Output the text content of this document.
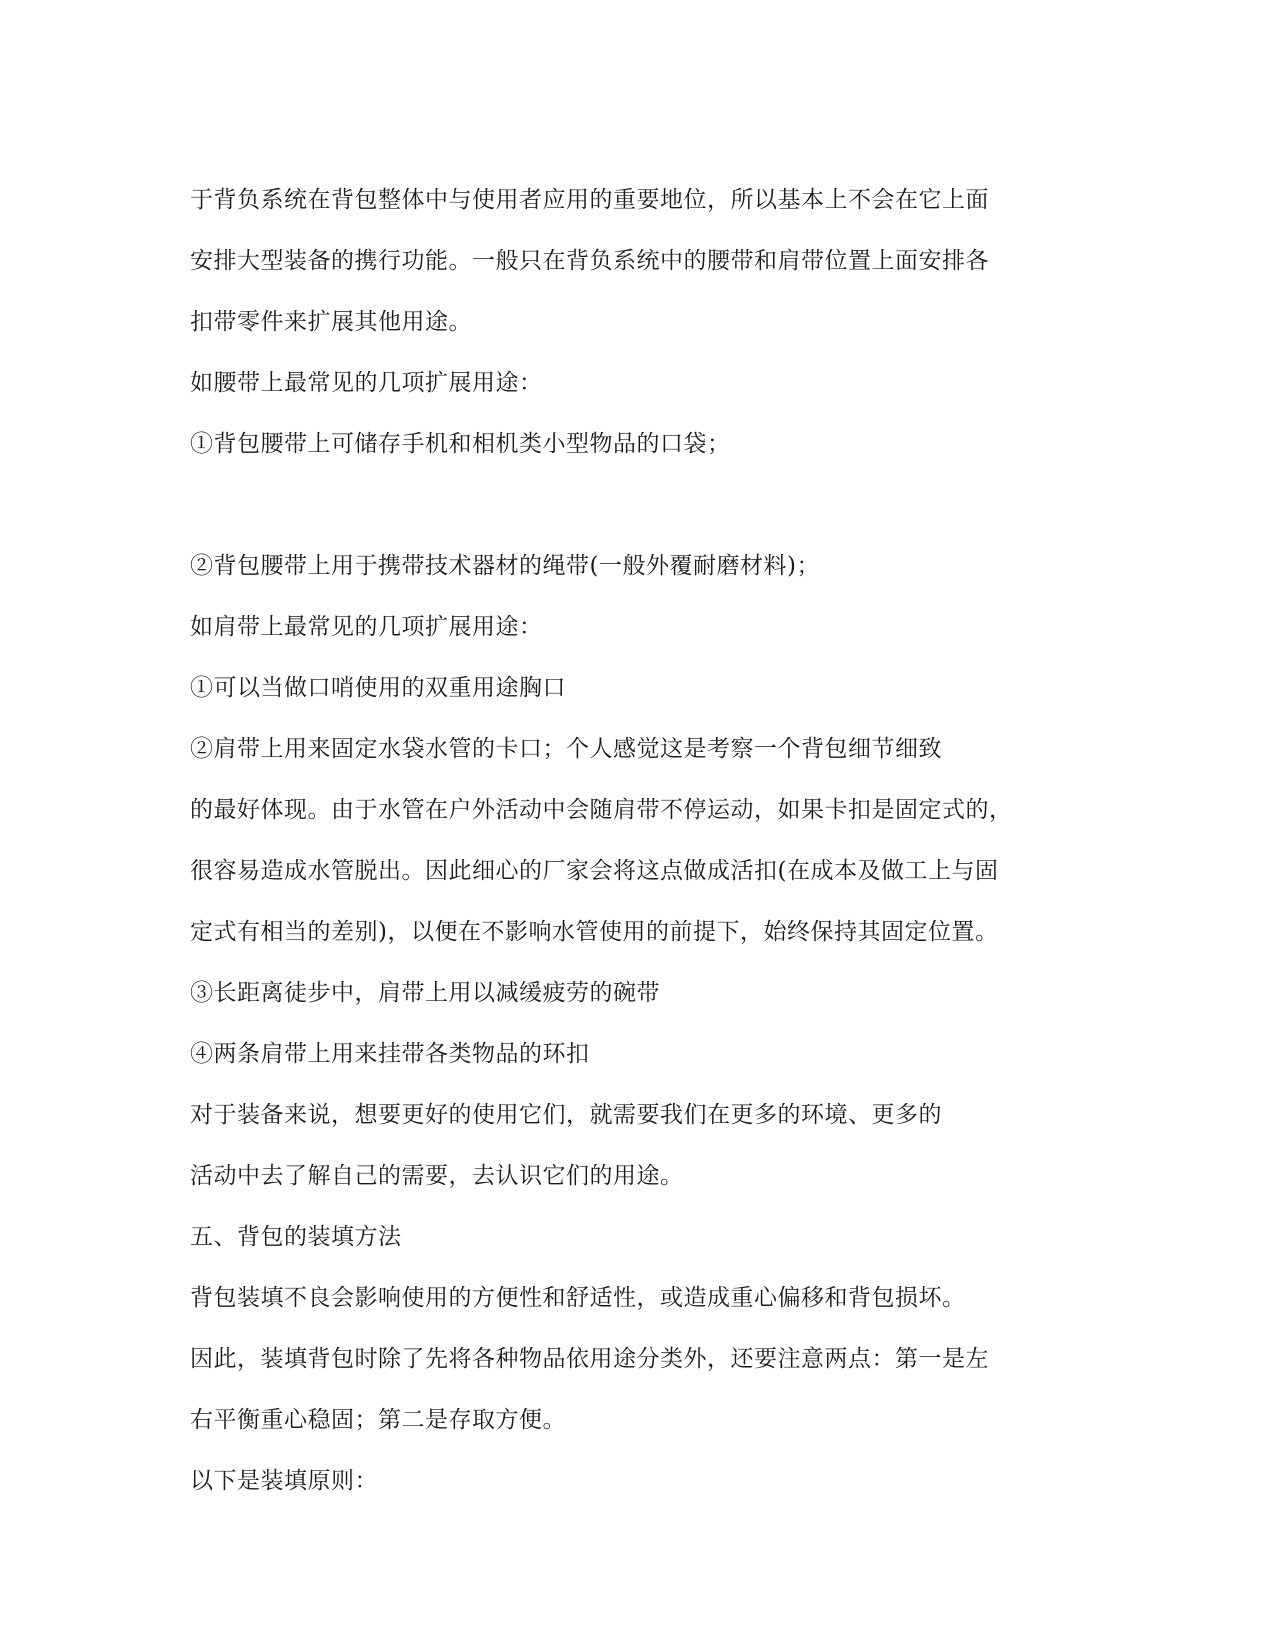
于背负系统在背包整体中与使用者应用的重要地位，所以基本上不会在它上面
安排大型装备的携行功能。一般只在背负系统中的腰带和肩带位置上面安排各
扣带零件来扩展其他用途。
如腰带上最常见的几项扩展用途：
①背包腰带上可储存手机和相机类小型物品的口袋；
②背包腰带上用于携带技术器材的绳带(一般外覆耐磨材料)；
如肩带上最常见的几项扩展用途：
①可以当做口哨使用的双重用途胸口
②肩带上用来固定水袋水管的卡口；个人感觉这是考察一个背包细节细致
的最好体现。由于水管在户外活动中会随肩带不停运动，如果卡扣是固定式的，
很容易造成水管脱出。因此细心的厂家会将这点做成活扣(在成本及做工上与固
定式有相当的差别)，以便在不影响水管使用的前提下，始终保持其固定位置。
③长距离徒步中，肩带上用以减缓疲劳的碗带
④两条肩带上用来挂带各类物品的环扣
对于装备来说，想要更好的使用它们，就需要我们在更多的环境、更多的
活动中去了解自己的需要，去认识它们的用途。
五、背包的装填方法
背包装填不良会影响使用的方便性和舒适性，或造成重心偏移和背包损坏。
因此，装填背包时除了先将各种物品依用途分类外，还要注意两点：第一是左
右平衡重心稳固；第二是存取方便。
以下是装填原则：
